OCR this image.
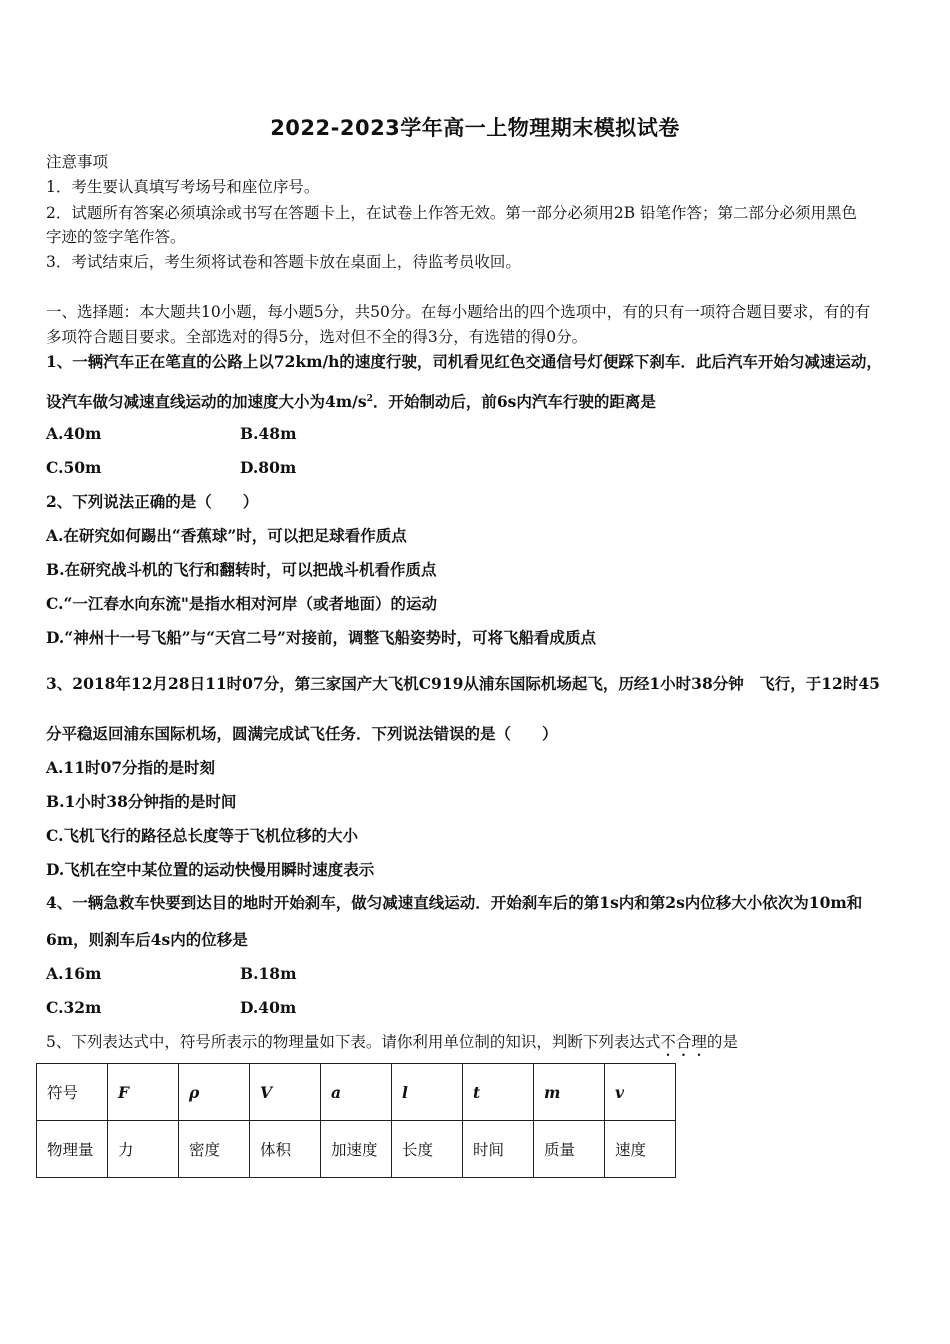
2022-2023学年高一上物理期末模拟试卷
注意事项
1．考生要认真填写考场号和座位序号。
2．试题所有答案必须填涂或书写在答题卡上，在试卷上作答无效。第一部分必须用2B 铅笔作答；第二部分必须用黑色
字迹的签字笔作答。
3．考试结束后，考生须将试卷和答题卡放在桌面上，待监考员收回。
一、选择题：本大题共10小题，每小题5分，共50分。在每小题给出的四个选项中，有的只有一项符合题目要求，有的有
多项符合题目要求。全部选对的得5分，选对但不全的得3分，有选错的得0分。
1、一辆汽车正在笔直的公路上以72km/h的速度行驶，司机看见红色交通信号灯便踩下刹车．此后汽车开始匀减速运动，
设汽车做匀减速直线运动的加速度大小为$4m/s^2$．开始制动后，前6s内汽车行驶的距离是
A.40m	B.48m
C.50m	D.80m
2、下列说法正确的是（　　）
A.在研究如何踢出“香蕉球”时，可以把足球看作质点
B.在研究战斗机的飞行和翻转时，可以把战斗机看作质点
C.“一江春水向东流"是指水相对河岸（或者地面）的运动
D.“神州十一号飞船”与“天宫二号”对接前，调整飞船姿势时，可将飞船看成质点
3、2018年12月28日11时07分，第三家国产大飞机C919从浦东国际机场起飞，历经1小时38分钟　飞行，于12时45
分平稳返回浦东国际机场，圆满完成试飞任务．下列说法错误的是（　　）
A.11时07分指的是时刻
B.1小时38分钟指的是时间
C.飞机飞行的路径总长度等于飞机位移的大小
D.飞机在空中某位置的运动快慢用瞬时速度表示
4、一辆急救车快要到达目的地时开始刹车，做匀减速直线运动．开始刹车后的第1s内和第2s内位移大小依次为10m和
6m，则刹车后4s内的位移是
A.16m	B.18m
C.32m	D.40m
5、下列表达式中，符号所表示的物理量如下表。请你利用单位制的知识，判断下列表达式不合理的是
符号	F	ρ	V	a	l	t	m	v
物理量	力	密度	体积	加速度	长度	时间	质量	速度
